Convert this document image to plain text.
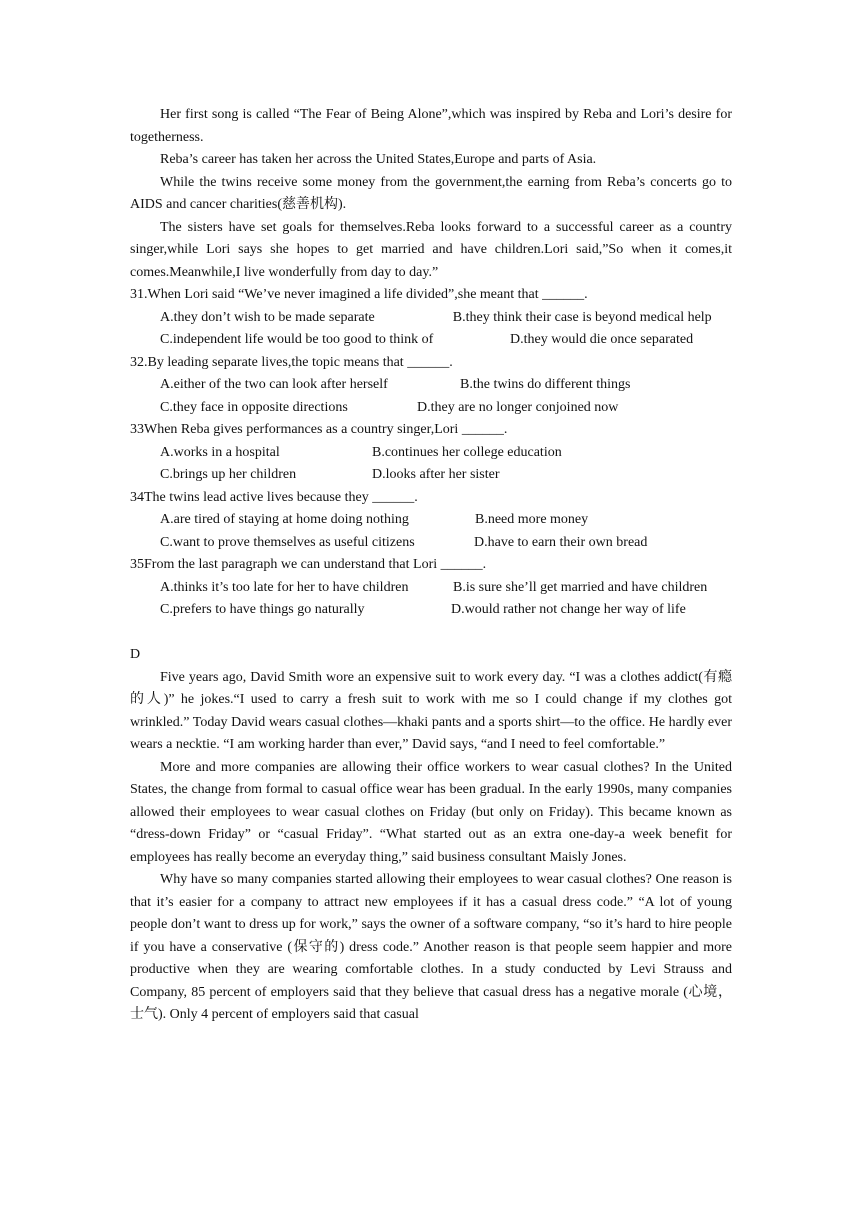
Her first song is called “The Fear of Being Alone”,which was inspired by Reba and Lori’s desire for togetherness.

Reba’s career has taken her across the United States,Europe and parts of Asia.

While the twins receive some money from the government,the earning from Reba’s concerts go to AIDS and cancer charities(慈善机构).

The sisters have set goals for themselves.Reba looks forward to a successful career as a country singer,while Lori says she hopes to get married and have children.Lori said,”So when it comes,it comes.Meanwhile,I live wonderfully from day to day.”

31.When Lori said “We’ve never imagined a life divided”,she meant that ______.

A.they don’t wish to be made separate	B.they think their case is beyond medical help
C.independent life would be too good to think of	D.they would die once separated

32.By leading separate lives,the topic means that ______.

A.either of the two can look after herself	B.the twins do different things
C.they face in opposite directions	D.they are no longer conjoined now

33When Reba gives performances as a country singer,Lori ______.

A.works in a hospital	B.continues her college education
C.brings up her children	D.looks after her sister

34The twins lead active lives because they ______.

A.are tired of staying at home doing nothing	B.need more money
C.want to prove themselves as useful citizens	D.have to earn their own bread

35From the last paragraph we can understand that Lori ______.

A.thinks it’s too late for her to have children	B.is sure she’ll get married and have children
C.prefers to have things go naturally	D.would rather not change her way of life

D

Five years ago, David Smith wore an expensive suit to work every day. “I was a clothes addict(有瘾的人)” he jokes.“I used to carry a fresh suit to work with me so I could change if my clothes got wrinkled.” Today David wears casual clothes—khaki pants and a sports shirt—to the office. He hardly ever wears a necktie. “I am working harder than ever,” David says, “and I need to feel comfortable.”

More and more companies are allowing their office workers to wear casual clothes? In the United States, the change from formal to casual office wear has been gradual. In the early 1990s, many companies allowed their employees to wear casual clothes on Friday (but only on Friday). This became known as “dress-down Friday” or “casual Friday”. “What started out as an extra one-day-a week benefit for employees has really become an everyday thing,” said business consultant Maisly Jones.

Why have so many companies started allowing their employees to wear casual clothes? One reason is that it’s easier for a company to attract new employees if it has a casual dress code.” “A lot of young people don’t want to dress up for work,” says the owner of a software company, “so it’s hard to hire people if you have a conservative (保守的) dress code.” Another reason is that people seem happier and more productive when they are wearing comfortable clothes. In a study conducted by Levi Strauss and Company, 85 percent of employers said that they believe that casual dress has a negative morale (心境，士气). Only 4 percent of employers said that casual
